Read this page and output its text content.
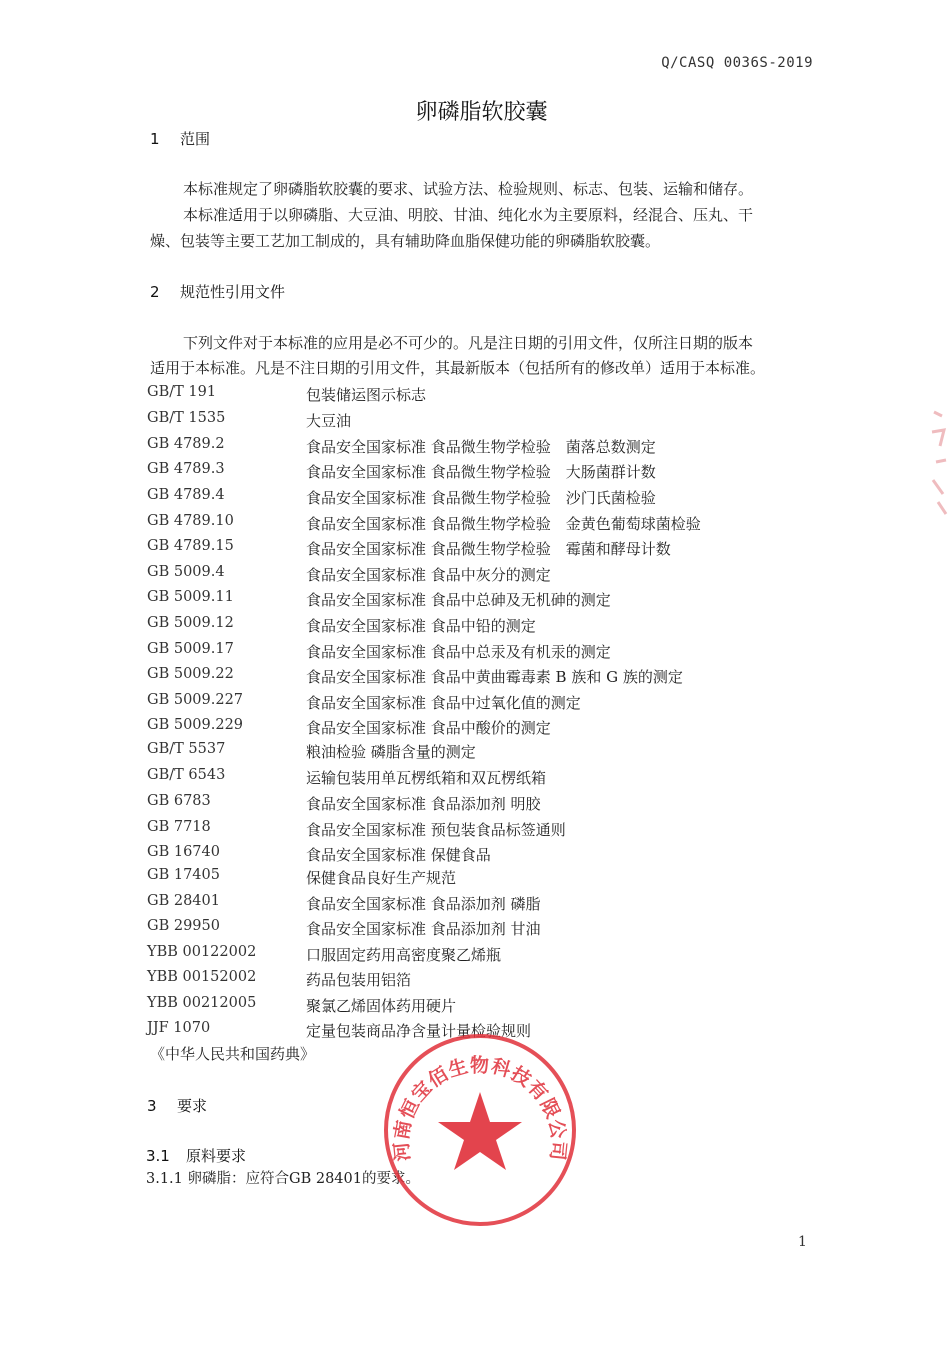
Q/CASQ 0036S-2019
卵磷脂软胶囊
1 范围
本标准规定了卵磷脂软胶囊的要求、试验方法、检验规则、标志、包装、运输和储存。
本标准适用于以卵磷脂、大豆油、明胶、甘油、纯化水为主要原料，经混合、压丸、干
燥、包装等主要工艺加工制成的，具有辅助降血脂保健功能的卵磷脂软胶囊。
2 规范性引用文件
下列文件对于本标准的应用是必不可少的。凡是注日期的引用文件，仅所注日期的版本
适用于本标准。凡是不注日期的引用文件，其最新版本（包括所有的修改单）适用于本标准。
GB/T 191	包装储运图示标志
GB/T 1535	大豆油
GB 4789.2	食品安全国家标准 食品微生物学检验　菌落总数测定
GB 4789.3	食品安全国家标准 食品微生物学检验　大肠菌群计数
GB 4789.4	食品安全国家标准 食品微生物学检验　沙门氏菌检验
GB 4789.10	食品安全国家标准 食品微生物学检验　金黄色葡萄球菌检验
GB 4789.15	食品安全国家标准 食品微生物学检验　霉菌和酵母计数
GB 5009.4	食品安全国家标准 食品中灰分的测定
GB 5009.11	食品安全国家标准 食品中总砷及无机砷的测定
GB 5009.12	食品安全国家标准 食品中铅的测定
GB 5009.17	食品安全国家标准 食品中总汞及有机汞的测定
GB 5009.22	食品安全国家标准 食品中黄曲霉毒素 B 族和 G 族的测定
GB 5009.227	食品安全国家标准 食品中过氧化值的测定
GB 5009.229	食品安全国家标准 食品中酸价的测定
GB/T 5537	粮油检验 磷脂含量的测定
GB/T 6543	运输包装用单瓦楞纸箱和双瓦楞纸箱
GB 6783	食品安全国家标准 食品添加剂 明胶
GB 7718	食品安全国家标准 预包装食品标签通则
GB 16740	食品安全国家标准 保健食品
GB 17405	保健食品良好生产规范
GB 28401	食品安全国家标准 食品添加剂 磷脂
GB 29950	食品安全国家标准 食品添加剂 甘油
YBB 00122002	口服固定药用高密度聚乙烯瓶
YBB 00152002	药品包装用铝箔
YBB 00212005	聚氯乙烯固体药用硬片
JJF 1070	定量包装商品净含量计量检验规则
《中华人民共和国药典》
3 要求
3.1 原料要求
3.1.1 卵磷脂：应符合GB 28401的要求。
河南恒宝佰生物科技有限公司
1
